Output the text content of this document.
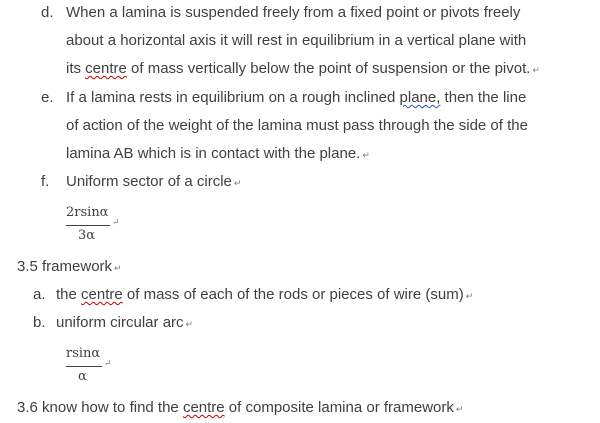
d. When a lamina is suspended freely from a fixed point or pivots freely
about a horizontal axis it will rest in equilibrium in a vertical plane with
its centre of mass vertically below the point of suspension or the pivot. ↵
e. If a lamina rests in equilibrium on a rough inclined plane, then the line
of action of the weight of the lamina must pass through the side of the
lamina AB which is in contact with the plane. ↵
f. Uniform sector of a circle ↵
2rsinα
↵
3α
3.5 framework ↵
a. the centre of mass of each of the rods or pieces of wire (sum) ↵
b. uniform circular arc ↵
rsinα
↵
α
3.6 know how to find the centre of composite lamina or framework ↵
